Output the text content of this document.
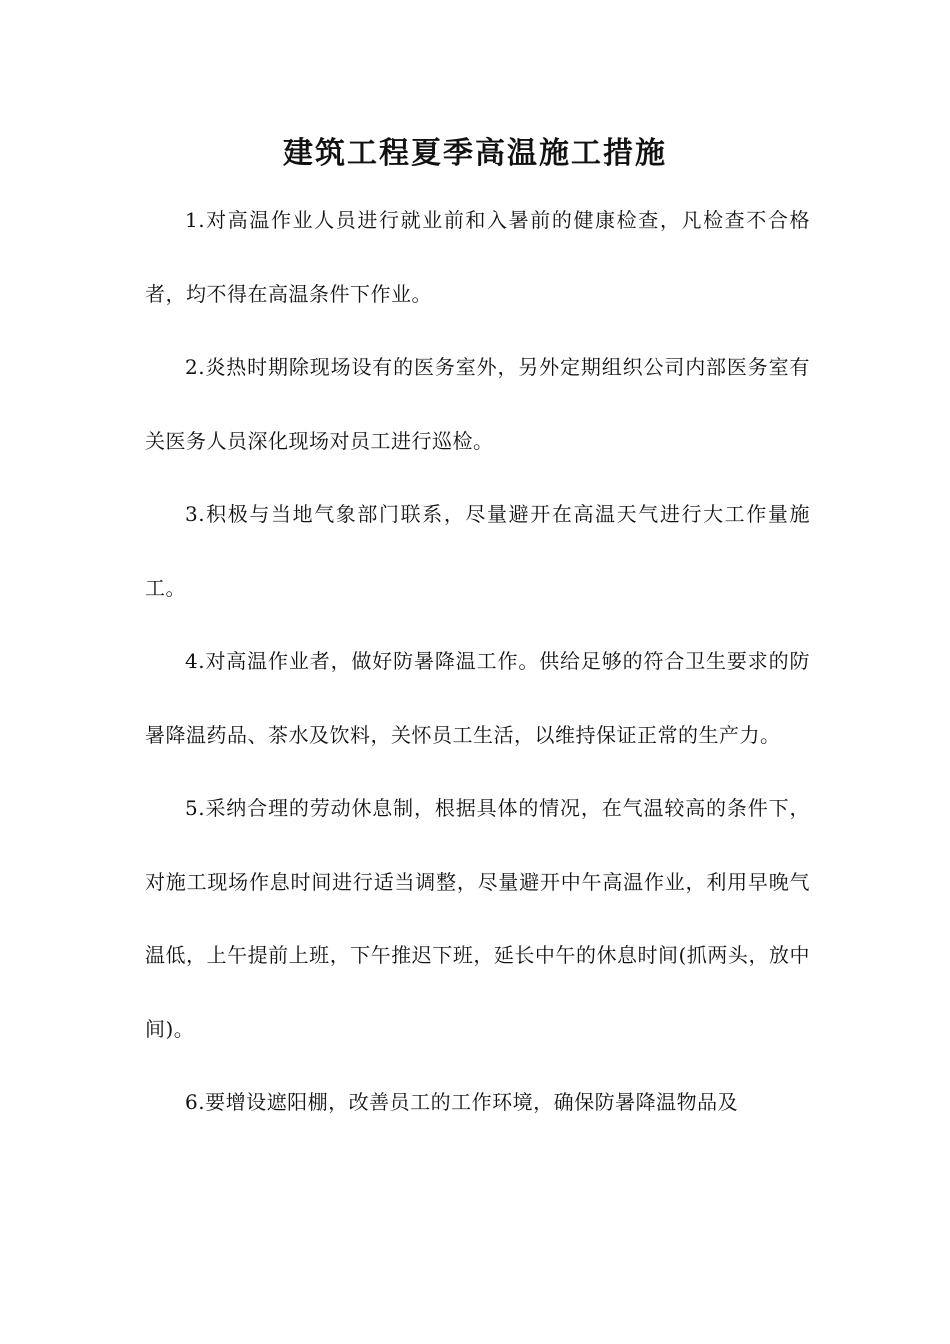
建筑工程夏季高温施工措施

1.对高温作业人员进行就业前和入暑前的健康检查，凡检查不合格者，均不得在高温条件下作业。

2.炎热时期除现场设有的医务室外，另外定期组织公司内部医务室有关医务人员深化现场对员工进行巡检。

3.积极与当地气象部门联系，尽量避开在高温天气进行大工作量施工。

4.对高温作业者，做好防暑降温工作。供给足够的符合卫生要求的防暑降温药品、茶水及饮料，关怀员工生活，以维持保证正常的生产力。

5.采纳合理的劳动休息制，根据具体的情况，在气温较高的条件下，对施工现场作息时间进行适当调整，尽量避开中午高温作业，利用早晚气温低，上午提前上班，下午推迟下班，延长中午的休息时间(抓两头，放中间)。

6.要增设遮阳棚，改善员工的工作环境，确保防暑降温物品及
